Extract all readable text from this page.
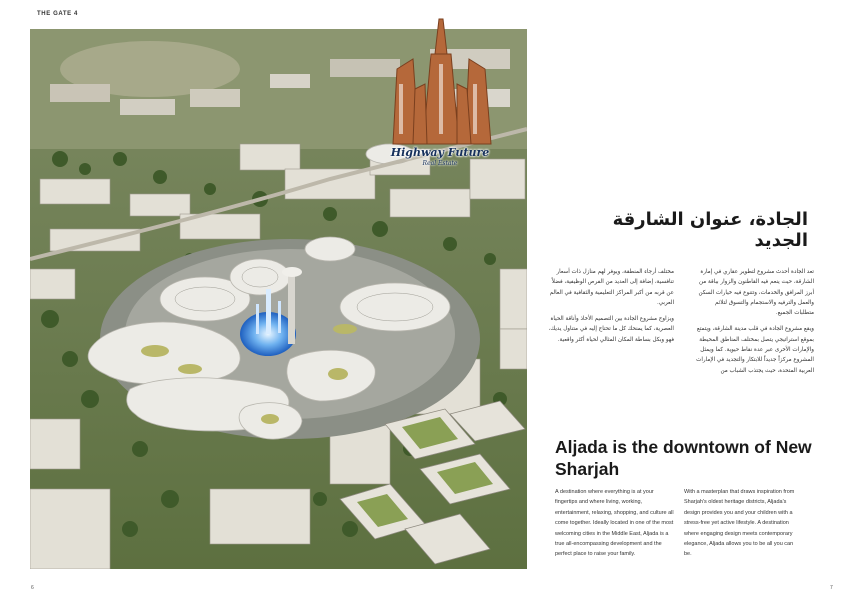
THE GATE 4
Highway Future
Real Estate
الجادة، عنوان الشارقة الجديد

تعد الجادة أحدث مشروع لتطوير عقاري في إمارة الشارقة، حيث ينعم فيه القاطنون والزوار بباقة من أبرز المرافق والخدمات، وتتنوع فيه خيارات السكن والعمل والترفيه والاستجمام والتسوق لتلائم متطلبات الجميع.

ويقع مشروع الجادة في قلب مدينة الشارقة، ويتمتع بموقع استراتيجي يتصل بمختلف المناطق المحيطة والإمارات الأخرى عبر عدة نقاط حيوية. كما ويمثل المشروع مركزاً جديداً للابتكار والتجديد في الإمارات العربية المتحدة، حيث يجتذب الشباب من

مختلف أرجاء المنطقة، ويوفر لهم منازل ذات أسعار تنافسية، إضافة إلى العديد من الفرص الوظيفية، فضلاً عن قربه من أكبر المراكز التعليمية والثقافية في العالم العربي.

ويزاوج مشروع الجادة بين التصميم الأخاذ وأناقة الحياة العصرية، كما يمنحك كل ما تحتاج إليه في متناول يديك، فهو وبكل بساطة المكان المثالي لحياة أكثر واقعية.

Aljada is the downtown of New Sharjah
A destination where everything is at your fingertips and where living, working, entertainment, relaxing, shopping, and culture all come together. Ideally located in one of the most welcoming cities in the Middle East, Aljada is a true all-encompassing development and the perfect place to raise your family.
With a masterplan that draws inspiration from Sharjah's oldest heritage districts, Aljada's design provides you and your children with a stress-free yet active lifestyle. A destination where engaging design meets contemporary elegance, Aljada allows you to be all you can be.
6	7
